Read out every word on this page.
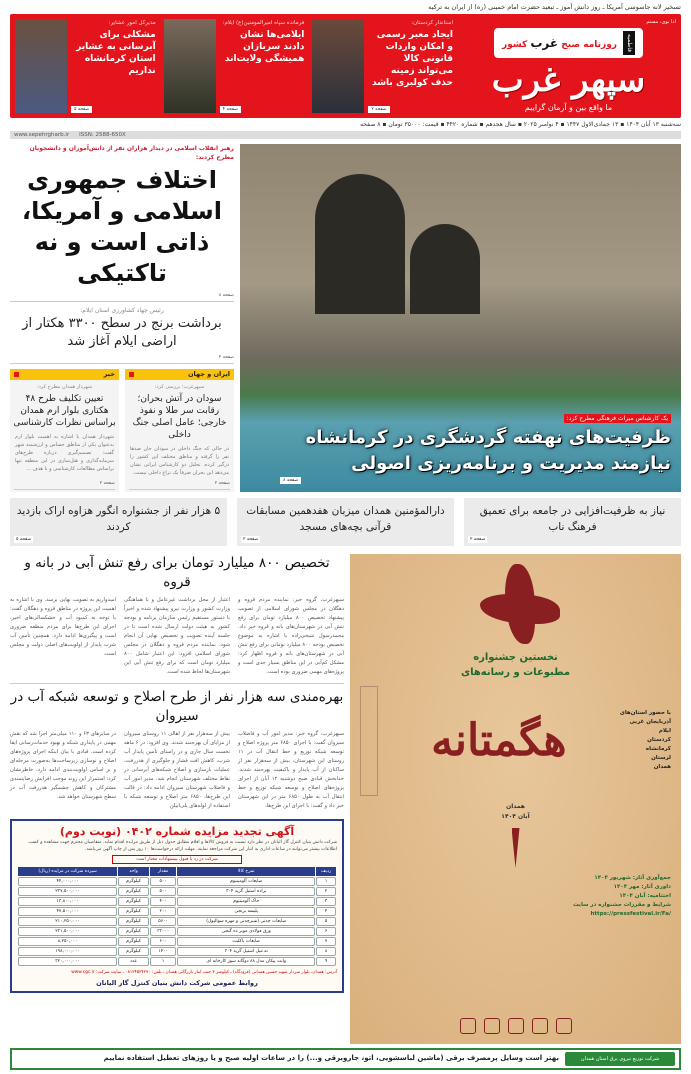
تسخیر لانه جاسوسی آمریکا ـ روز دانش آموز ـ تبعید حضرت امام خمینی (ره) از ایران به ترکیه
ادا بوی، مستم
فاطمیه
روزنامه صبح غرب کشور
سپهر غرب
ما واقع بین و آرمان گراییم
استاندار کردستان:
ایجاد معبر رسمی و امکان واردات قانونی کالا می‌تواند زمینه حذف کولبری باشد
صفحه ۲
فرمانده سپاه امیرالمومنین(ع) ایلام:
ایلامی‌ها نشان دادند سربازان همیشگی ولایت‌اند
صفحه ۴
مدیرکل امور عشایر:
مشکلی برای آبرسانی به عشایر استان کرمانشاه نداریم
صفحه ۵
سه‌شنبه ۱۳ آبان ۱۴۰۴ ▪ ۱۳ جمادی‌الاول ۱۴۴۷ ▪ ۴ نوامبر ۲۰۲۵ ▪ سال هجدهم ▪ شماره ۴۴۲۰ ▪ قیمت: ۳۵۰۰۰ تومان ▪ ۸ صفحه
www.sepehrgharb.ir ISSN: 2588-650X
یک کارشناس میراث فرهنگی مطرح کرد:
ظرفیت‌های نهفته گردشگری در کرمانشاه نیازمند مدیریت و برنامه‌ریزی اصولی
صفحه ۸
رهبر انقلاب اسلامی در دیدار هزاران نفر از دانش‌آموزان و دانشجویان مطرح کردند:
اختلاف جمهوری اسلامی و آمریکا، ذاتی است و نه تاکتیکی
صفحه ۸
رئیس جهاد کشاورزی استان ایلام:
برداشت برنج در سطح ۳۳۰۰ هکتار از اراضی ایلام آغاز شد
صفحه ۴
ایران و جهان
سپهرغرب؛ بررسی کرد:
سودان در آتش بحران؛ رقابت سر طلا و نفوذ خارجی؛ عامل اصلی جنگ داخلی
در حالی که جنگ داخلی در سودان جان صدها نفر را گرفته و مناطق مختلف این کشور را درگیر کرده، تحلیل دو کارشناس ایرانی نشان می‌دهد این بحران صرفاً یک نزاع داخلی نیست.
صفحه ۲
خبر
شهردار همدان مطرح کرد:
تعیین تکلیف طرح ۴۸ هکتاری بلوار ارم همدان براساس نظرات کارشناسی
شهردار همدان با اشاره به اهمیت بلوار ارم به‌عنوان یکی از مناطق حساس و ارزشمند شهر گفت: تصمیم‌گیری درباره طرح‌های سرمایه‌گذاری و هتل‌سازی در این منطقه تنها براساس مطالعات کارشناسی و با هدف ...
صفحه ۲
نیاز به ظرفیت‌افزایی در جامعه برای تعمیق فرهنگ ناب
صفحه ۲
دارالمؤمنین همدان میزبان هفدهمین مسابقات قرآنی بچه‌های مسجد
صفحه ۲
۵ هزار نفر از جشنواره انگور هزاوه اراک بازدید کردند
صفحه ۵
نخستین جشنواره
مطبوعات و رسانه‌های
با حضور استان‌های
آذربایجان غربی
ایلام
کردستان
کرمانشاه
لرستان
همدان
هگمتانه
همدان
آبان ۱۴۰۴
جمع‌آوری آثار: شهریور ۱۴۰۴
داوری آثار: مهر ۱۴۰۴
اختتامیه: آبان ۱۴۰۴
شرایط و مقررات جشنواره در سایت
https://pressfestival.ir/Fa/
تخصیص ۸۰۰ میلیارد تومان برای رفع تنش آبی در بانه و قروه

سپهرغرب، گروه خبر: نماینده مردم قروه و دهگلان در مجلس شورای اسلامی از تصویب پیشنهاد تخصیص ۸۰۰ میلیارد تومان برای رفع تنش آبی در شهرستان‌های بانه و قروه خبر داد. محمدرسول شیخی‌زاده با اشاره به موضوع تخصیص بودجه ۸۰۰ میلیارد تومانی برای رفع تنش آبی در شهرستان‌های بانه و قروه اظهار کرد: مشکل کم‌آبی در این مناطق بسیار جدی است و پروژه‌های مهمی ضروری بوده است.

اعتبار از محل برداشت غیرعامل و با هماهنگی وزارت کشور و وزارت نیرو پیشنهاد شده و اخیراً با دستور مستقیم رئیس سازمان برنامه و بودجه کشور به هیئت دولت ارسال شده است تا در جلسه آینده تصویب و تخصیص نهایی آن انجام شود. نماینده مردم قروه و دهگلان در مجلس شورای اسلامی افزود: این اعتبار شامل ۸۰۰ میلیارد تومان است که برای رفع تنش آبی این شهرستان‌ها لحاظ شده است.

امیدواریم به تصویب نهایی برسد. وی با اشاره به اهمیت این پروژه در مناطق قروه و دهگلان گفت: با توجه به کمبود آب و خشکسالی‌های اخیر، اجرای این طرح‌ها برای مردم منطقه ضروری است و پیگیری‌ها ادامه دارد. همچنین تأمین آب شرب پایدار از اولویت‌های اصلی دولت و مجلس است.

بهره‌مندی سه هزار نفر از طرح اصلاح و توسعه شبکه آب در سیروان

سپهرغرب، گروه خبر: مدیر امور آب و فاضلاب سیروان گفت: با اجرای ۶۸۵۰ متر پروژه اصلاح و توسعه شبکه توزیع و خط انتقال آب در ۱۱ روستای این شهرستان، بیش از سه‌هزار نفر از ساکنان از آب پایدار و باکیفیت بهره‌مند شدند. خدابخش قبادی صبح دوشنبه ۱۲ آبان از اجرای پروژه‌های اصلاح و توسعه شبکه توزیع و خط انتقال آب به طول ۶۸۵۰ متر در این شهرستان خبر داد و گفت: با اجرای این طرح‌ها،

بیش از سه‌هزار نفر از اهالی ۱۱ روستای سیروان از مزایای آن بهره‌مند شدند. وی افزود: در ۶ ماهه نخست سال جاری و در راستای تأمین پایدار آب شرب، کاهش افت فشار و جلوگیری از هدررفت، عملیات بازسازی و اصلاح شبکه‌های آبرسانی در نقاط مختلف شهرستان انجام شد. مدیر امور آب و فاضلاب شهرستان سیروان ادامه داد: در قالب این طرح‌ها، ۶۸۵۰ متر اصلاح و توسعه شبکه با استفاده از لوله‌های پلی‌اتیلن

در سایزهای ۶۳ و ۱۱۰ میلی‌متر اجرا شد که نقش مهمی در پایداری شبکه و بهبود خدمات‌رسانی ایفا کرده است. قبادی با بیان اینکه اجرای پروژه‌های اصلاح و نوسازی زیرساخت‌ها به‌صورت مرحله‌ای و بر اساس اولویت‌بندی ادامه دارد، خاطرنشان کرد: استمرار این روند موجب افزایش رضایتمندی مشترکان و کاهش چشمگیر هدررفت آب در سطح شهرستان خواهد شد.

آگهی تجدید مزایده شماره ۰۴۰۲ (نوبت دوم)
شرکت دانش بنیان کنترل گاز الیانان در نظر دارد نسبت به فروش کالاها و اقلام مطابق جدول ذیل از طریق مزایده اقدام نماید. متقاضیان محترم جهت مشاهده و کسب اطلاعات بیشتر می‌توانند در ساعات اداری به انبار این شرکت مراجعه نمایند. مهلت ارائه درخواست‌ها ۱۰ روز پس از چاپ آگهی می‌باشد.
شرکت در رد یا قبول پیشنهادات مختار است
ردیف	شرح کالا	مقدار	واحد	سپرده شرکت در مزایده (ریال)
۱	ضایعات آلومینیوم	۵۰۰	کیلوگرم	۴۴,۰۰۰,۰۰۰
۲	براده استیل گرید ۳۰۴	۵۰۰	کیلوگرم	۲۳۷,۵۰۰,۰۰۰
۳	خاک آلومینیوم	۴۰۰	کیلوگرم	۱۳,۸۰۰,۰۰۰
۴	پلیسه برنجی	۲۰۰	کیلوگرم	۴۷,۵۰۰,۰۰۰
۵	ضایعات چدنی (شیرچدنی و مهره سوالپول)	۵۶۰۰	کیلوگرم	۲۱۰,۲۵۰,۰۰۰
۶	ورق فولادی موبر ده گیجی	۳۳۰۰۰	کیلوگرم	۲۳۱,۵۰۰,۰۰۰
۷	ضایعات باکلیت	۶۰۰	کیلوگرم	۸,۲۵۰,۰۰۰
۸	ته میل استیل گرید ۳۰۴	۱۴۰۰	کیلوگرم	۱۹۸,۰۰۰,۰۰۰
۹	وانت پیکان مدل ۸۸ دوگانه سوز کارخانه ای	۱	عدد	۳۲۰,۰۰۰,۰۰۰
آدرس: همدان، بلوار سردار شهید حسین همدانی (فرودگاه) ـ کیلومتر ۳ جنب انبار بازرگانی همدان ـ تلفن: ۰۸۱۳۴۵۲۴۲۷۰ ـ سایت شرکت: www.cgc.ir
روابط عمومی شرکت دانش بنیان کنترل گاز الیانان
شرکت توزیع نیروی برق استان همدان
بهتر است وسایل پرمصرف برقی (ماشین لباسشویی، اتو، جاروبرقی و...) را در ساعات اولیه صبح و یا روزهای تعطیل استفاده نماییم
